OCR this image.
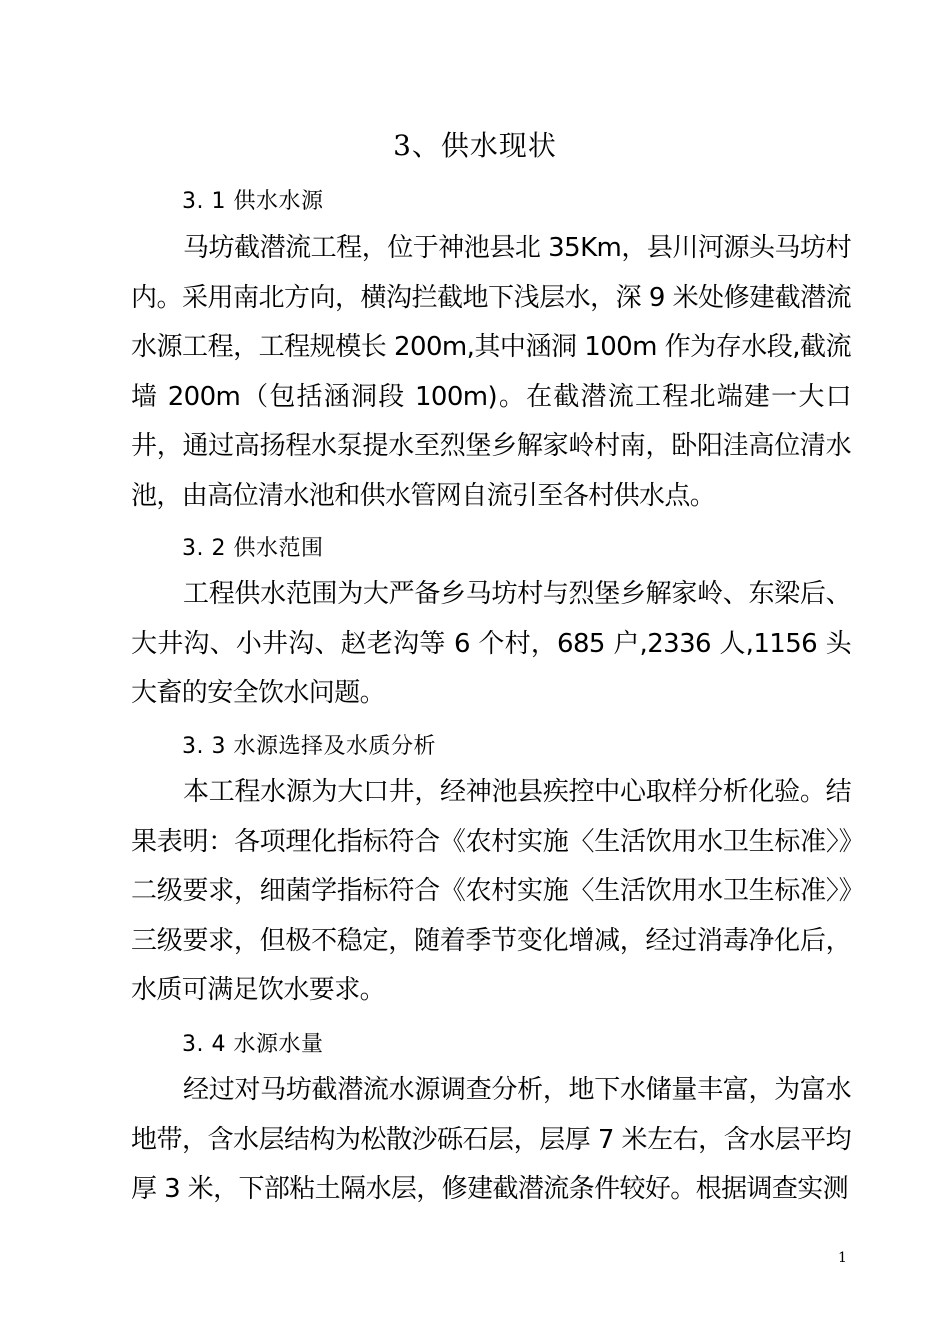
3、供水现状
3. 1 供水水源

马坊截潜流工程，位于神池县北 35Km，县川河源头马坊村内。采用南北方向，横沟拦截地下浅层水，深 9 米处修建截潜流水源工程，工程规模长 200m,其中涵洞 100m 作为存水段,截流墙 200m（包括涵洞段 100m)。在截潜流工程北端建一大口井，通过高扬程水泵提水至烈堡乡解家岭村南，卧阳洼高位清水池，由高位清水池和供水管网自流引至各村供水点。

3. 2 供水范围

工程供水范围为大严备乡马坊村与烈堡乡解家岭、东梁后、大井沟、小井沟、赵老沟等 6 个村，685 户,2336 人,1156 头大畜的安全饮水问题。

3. 3 水源选择及水质分析

本工程水源为大口井，经神池县疾控中心取样分析化验。结果表明：各项理化指标符合《农村实施〈生活饮用水卫生标准〉》二级要求，细菌学指标符合《农村实施〈生活饮用水卫生标准〉》三级要求，但极不稳定，随着季节变化增减，经过消毒净化后，水质可满足饮水要求。

3. 4 水源水量

经过对马坊截潜流水源调查分析，地下水储量丰富，为富水地带，含水层结构为松散沙砾石层，层厚 7 米左右，含水层平均厚 3 米，下部粘土隔水层，修建截潜流条件较好。根据调查实测

1
